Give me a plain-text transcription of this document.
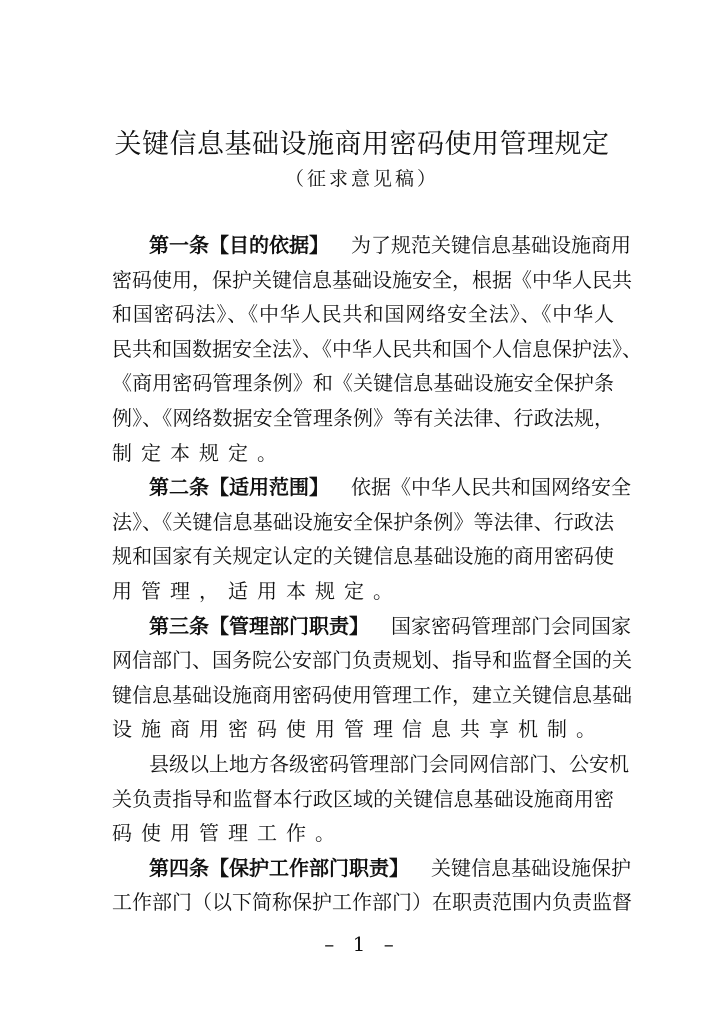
关键信息基础设施商用密码使用管理规定
（征求意见稿）
第一条【目的依据】 为了规范关键信息基础设施商用
密码使用，保护关键信息基础设施安全，根据《中华人民共
和国密码法》、《中华人民共和国网络安全法》、《中华人
民共和国数据安全法》、《中华人民共和国个人信息保护法》、
《商用密码管理条例》和《关键信息基础设施安全保护条
例》、《网络数据安全管理条例》等有关法律、行政法规，
制定本规定。
第二条【适用范围】 依据《中华人民共和国网络安全
法》、《关键信息基础设施安全保护条例》等法律、行政法
规和国家有关规定认定的关键信息基础设施的商用密码使
用管理，适用本规定。
第三条【管理部门职责】 国家密码管理部门会同国家
网信部门、国务院公安部门负责规划、指导和监督全国的关
键信息基础设施商用密码使用管理工作，建立关键信息基础
设施商用密码使用管理信息共享机制。
县级以上地方各级密码管理部门会同网信部门、公安机
关负责指导和监督本行政区域的关键信息基础设施商用密
码使用管理工作。
第四条【保护工作部门职责】 关键信息基础设施保护
工作部门（以下简称保护工作部门）在职责范围内负责监督
– 1 –
